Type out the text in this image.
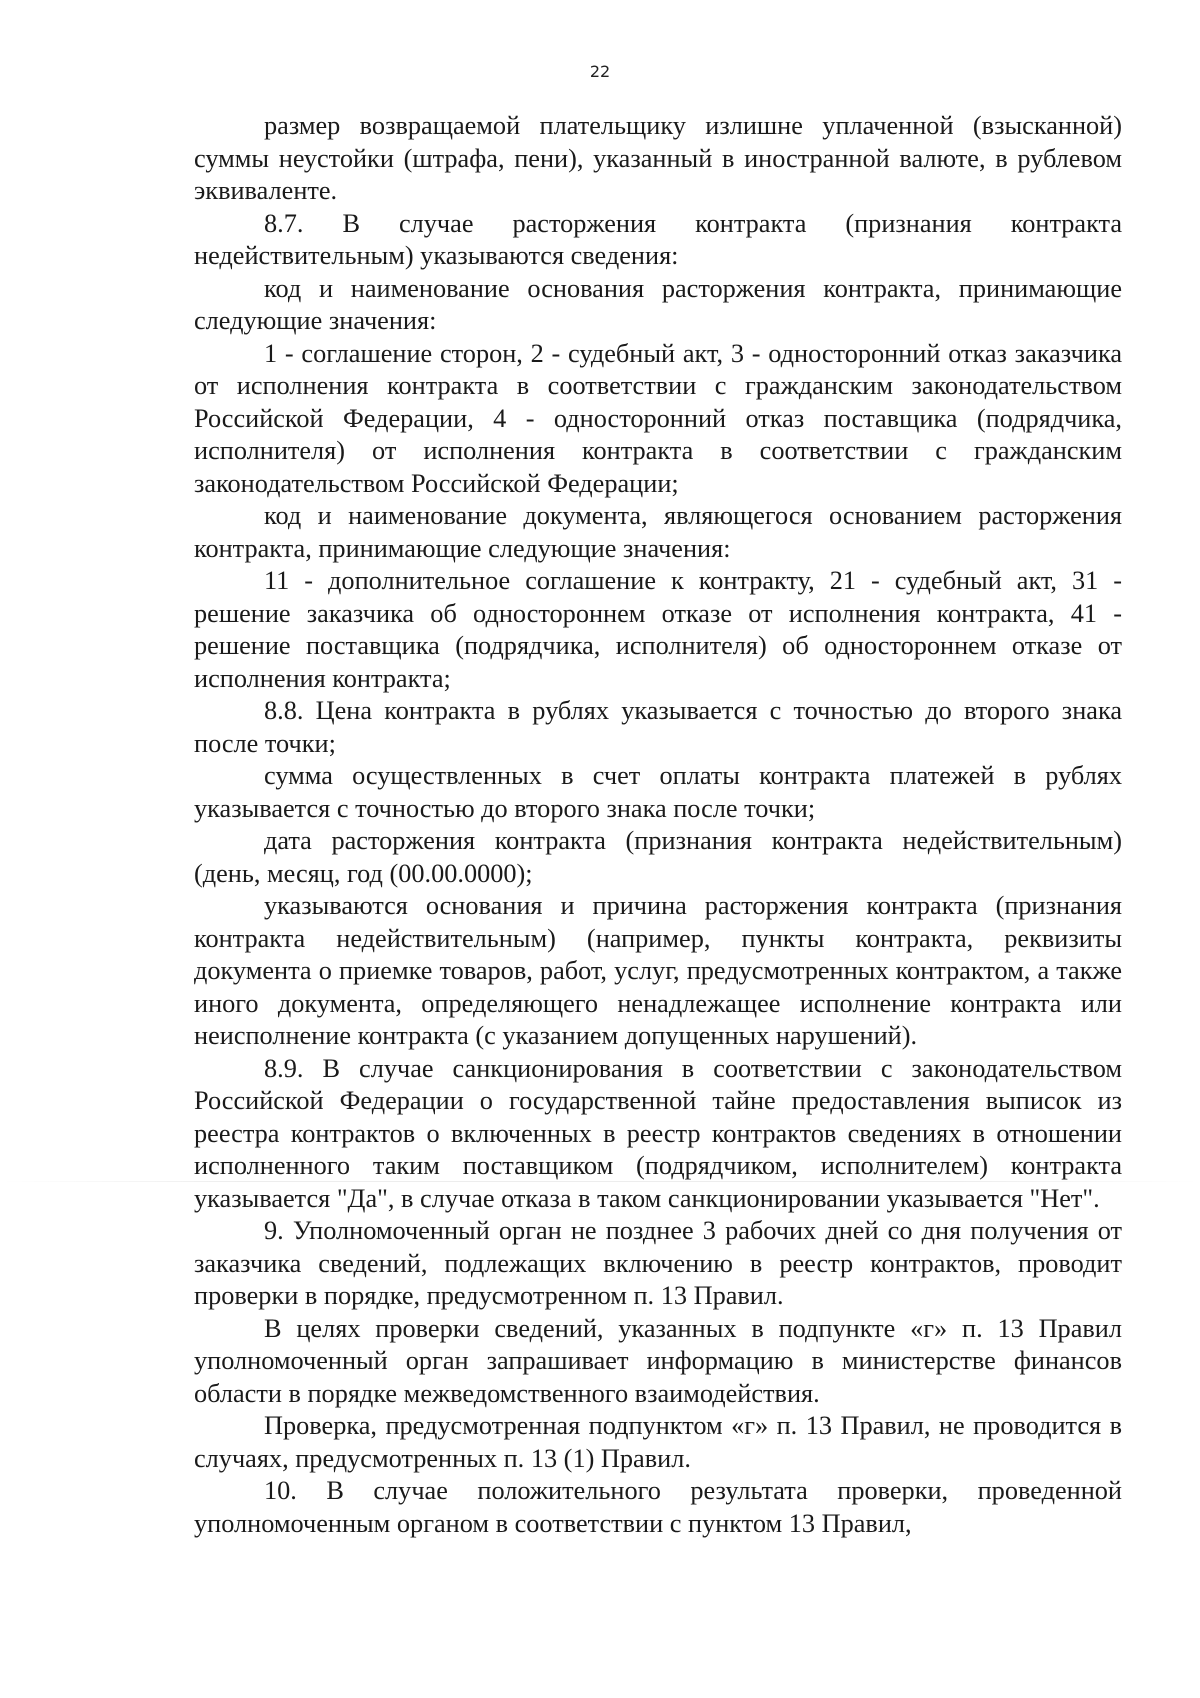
22

размер возвращаемой плательщику излишне уплаченной (взысканной) суммы неустойки (штрафа, пени), указанный в иностранной валюте, в рублевом эквиваленте.

8.7. В случае расторжения контракта (признания контракта недействительным) указываются сведения:

код и наименование основания расторжения контракта, принимающие следующие значения:

1 - соглашение сторон, 2 - судебный акт, 3 - односторонний отказ заказчика от исполнения контракта в соответствии с гражданским законодательством Российской Федерации, 4 - односторонний отказ поставщика (подрядчика, исполнителя) от исполнения контракта в соответствии с гражданским законодательством Российской Федерации;

код и наименование документа, являющегося основанием расторжения контракта, принимающие следующие значения:

11 - дополнительное соглашение к контракту, 21 - судебный акт, 31 - решение заказчика об одностороннем отказе от исполнения контракта, 41 - решение поставщика (подрядчика, исполнителя) об одностороннем отказе от исполнения контракта;

8.8. Цена контракта в рублях указывается с точностью до второго знака после точки;

сумма осуществленных в счет оплаты контракта платежей в рублях указывается с точностью до второго знака после точки;

дата расторжения контракта (признания контракта недействительным) (день, месяц, год (00.00.0000);

указываются основания и причина расторжения контракта (признания контракта недействительным) (например, пункты контракта, реквизиты документа о приемке товаров, работ, услуг, предусмотренных контрактом, а также иного документа, определяющего ненадлежащее исполнение контракта или неисполнение контракта (с указанием допущенных нарушений).

8.9. В случае санкционирования в соответствии с законодательством Российской Федерации о государственной тайне предоставления выписок из реестра контрактов о включенных в реестр контрактов сведениях в отношении исполненного таким поставщиком (подрядчиком, исполнителем) контракта указывается "Да", в случае отказа в таком санкционировании указывается "Нет".

9. Уполномоченный орган не позднее 3 рабочих дней со дня получения от заказчика сведений, подлежащих включению в реестр контрактов, проводит проверки в порядке, предусмотренном п. 13 Правил.

В целях проверки сведений, указанных в подпункте «г» п. 13 Правил уполномоченный орган запрашивает информацию в министерстве финансов области в порядке межведомственного взаимодействия.

Проверка, предусмотренная подпунктом «г» п. 13 Правил, не проводится в случаях, предусмотренных п. 13 (1) Правил.

10. В случае положительного результата проверки, проведенной уполномоченным органом в соответствии с пунктом 13 Правил,
